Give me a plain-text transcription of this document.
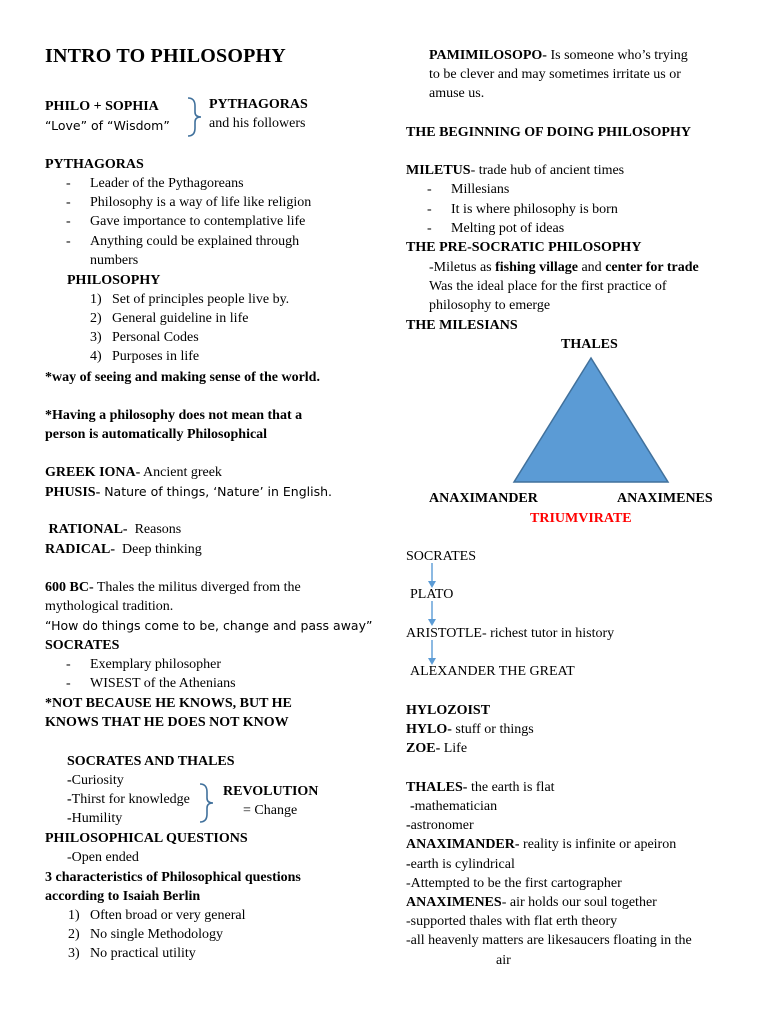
INTRO TO PHILOSOPHY
PHILO + SOPHIA
“Love” of “Wisdom”
PYTHAGORAS
and his followers
PYTHAGORAS
- Leader of the Pythagoreans
- Philosophy is a way of life like religion
- Gave importance to contemplative life
- Anything could be explained through
numbers
PHILOSOPHY
1) Set of principles people live by.
2) General guideline in life
3) Personal Codes
4) Purposes in life
*way of seeing and making sense of the world.
*Having a philosophy does not mean that a
person is automatically Philosophical
GREEK IONA- Ancient greek
PHUSIS- Nature of things, ‘Nature’ in English.
RATIONAL-  Reasons
RADICAL-  Deep thinking
600 BC- Thales the militus diverged from the
mythological tradition.
“How do things come to be, change and pass away”
SOCRATES
- Exemplary philosopher
- WISEST of the Athenians
*NOT BECAUSE HE KNOWS, BUT HE
KNOWS THAT HE DOES NOT KNOW
SOCRATES AND THALES
-Curiosity
-Thirst for knowledge
-Humility
REVOLUTION
= Change
PHILOSOPHICAL QUESTIONS
-Open ended
3 characteristics of Philosophical questions
according to Isaiah Berlin
1) Often broad or very general
2) No single Methodology
3) No practical utility
PAMIMILOSOPO- Is someone who’s trying
to be clever and may sometimes irritate us or
amuse us.
THE BEGINNING OF DOING PHILOSOPHY
MILETUS- trade hub of ancient times
- Millesians
- It is where philosophy is born
- Melting pot of ideas
THE PRE-SOCRATIC PHILOSOPHY
-Miletus as fishing village and center for trade
Was the ideal place for the first practice of
philosophy to emerge
THE MILESIANS
THALES
ANAXIMANDER	ANAXIMENES
TRIUMVIRATE
SOCRATES
PLATO
ARISTOTLE- richest tutor in history
ALEXANDER THE GREAT
HYLOZOIST
HYLO- stuff or things
ZOE- Life
THALES- the earth is flat
-mathematician
-astronomer
ANAXIMANDER- reality is infinite or apeiron
-earth is cylindrical
-Attempted to be the first cartographer
ANAXIMENES- air holds our soul together
-supported thales with flat erth theory
-all heavenly matters are likesaucers floating in the
air
